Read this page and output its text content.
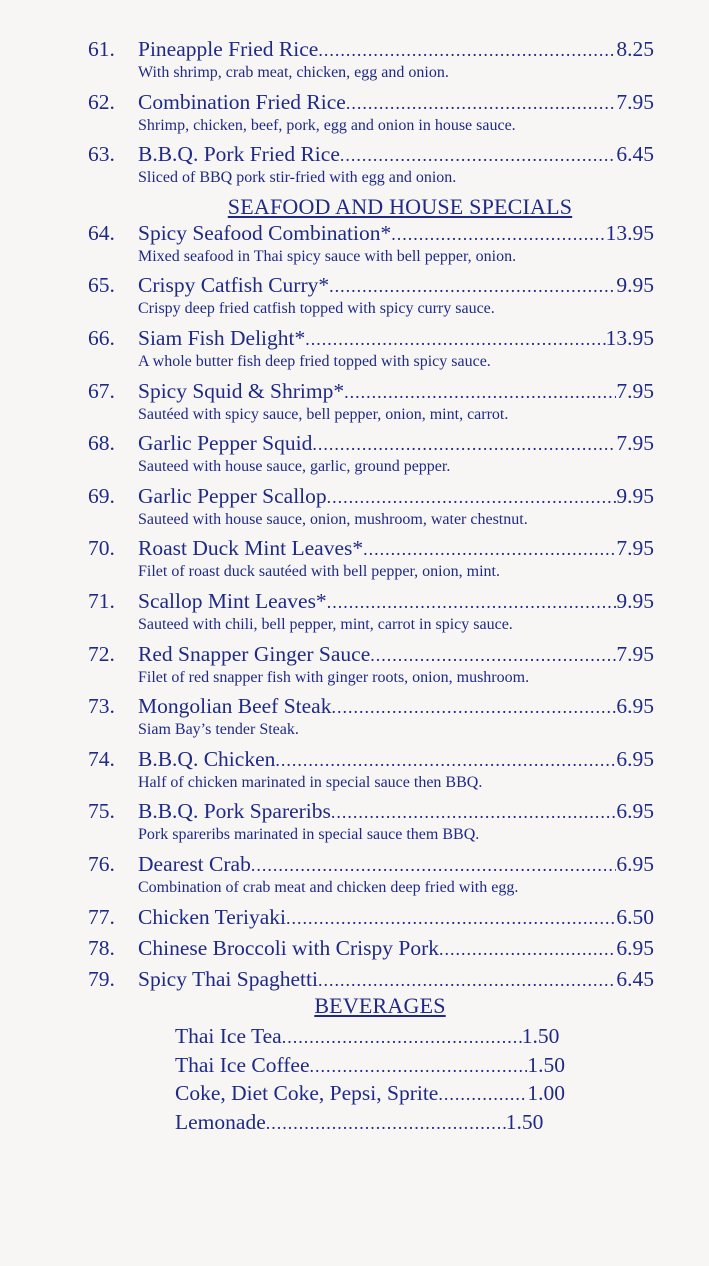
SEAFOOD AND HOUSE SPECIALS
BEVERAGES
61.	Pineapple Fried Rice .....	8.25
With shrimp, crab meat, chicken, egg and onion.
62.	Combination Fried Rice .....	7.95
Shrimp, chicken, beef, pork, egg and onion in house sauce.
63.	B.B.Q. Pork Fried Rice .....	6.45
Sliced of BBQ pork stir-fried with egg and onion.
64.	Spicy Seafood Combination* .....	13.95
Mixed seafood in Thai spicy sauce with bell pepper, onion.
65.	Crispy Catfish Curry* .....	9.95
Crispy deep fried catfish topped with spicy curry sauce.
66.	Siam Fish Delight* .....	13.95
A whole butter fish deep fried topped with spicy sauce.
67.	Spicy Squid & Shrimp* .....	7.95
Sautéed with spicy sauce, bell pepper, onion, mint, carrot.
68.	Garlic Pepper Squid .....	7.95
Sauteed with house sauce, garlic, ground pepper.
69.	Garlic Pepper Scallop .....	9.95
Sauteed with house sauce, onion, mushroom, water chestnut.
70.	Roast Duck Mint Leaves* .....	7.95
Filet of roast duck sautéed with bell pepper, onion, mint.
71.	Scallop Mint Leaves* .....	9.95
Sauteed with chili, bell pepper, mint, carrot in spicy sauce.
72.	Red Snapper Ginger Sauce .....	7.95
Filet of red snapper fish with ginger roots, onion, mushroom.
73.	Mongolian Beef Steak .....	6.95
Siam Bay’s tender Steak.
74.	B.B.Q. Chicken .....	6.95
Half of chicken marinated in special sauce then BBQ.
75.	B.B.Q. Pork Spareribs .....	6.95
Pork spareribs marinated in special sauce them BBQ.
76.	Dearest Crab .....	6.95
Combination of crab meat and chicken deep fried with egg.
77.	Chicken Teriyaki .....	6.50
78.	Chinese Broccoli with Crispy Pork .....	6.95
79.	Spicy Thai Spaghetti .....	6.45
Thai Ice Tea .....	1.50
Thai Ice Coffee .....	1.50
Coke, Diet Coke, Pepsi, Sprite .....	1.00
Lemonade .....	1.50
